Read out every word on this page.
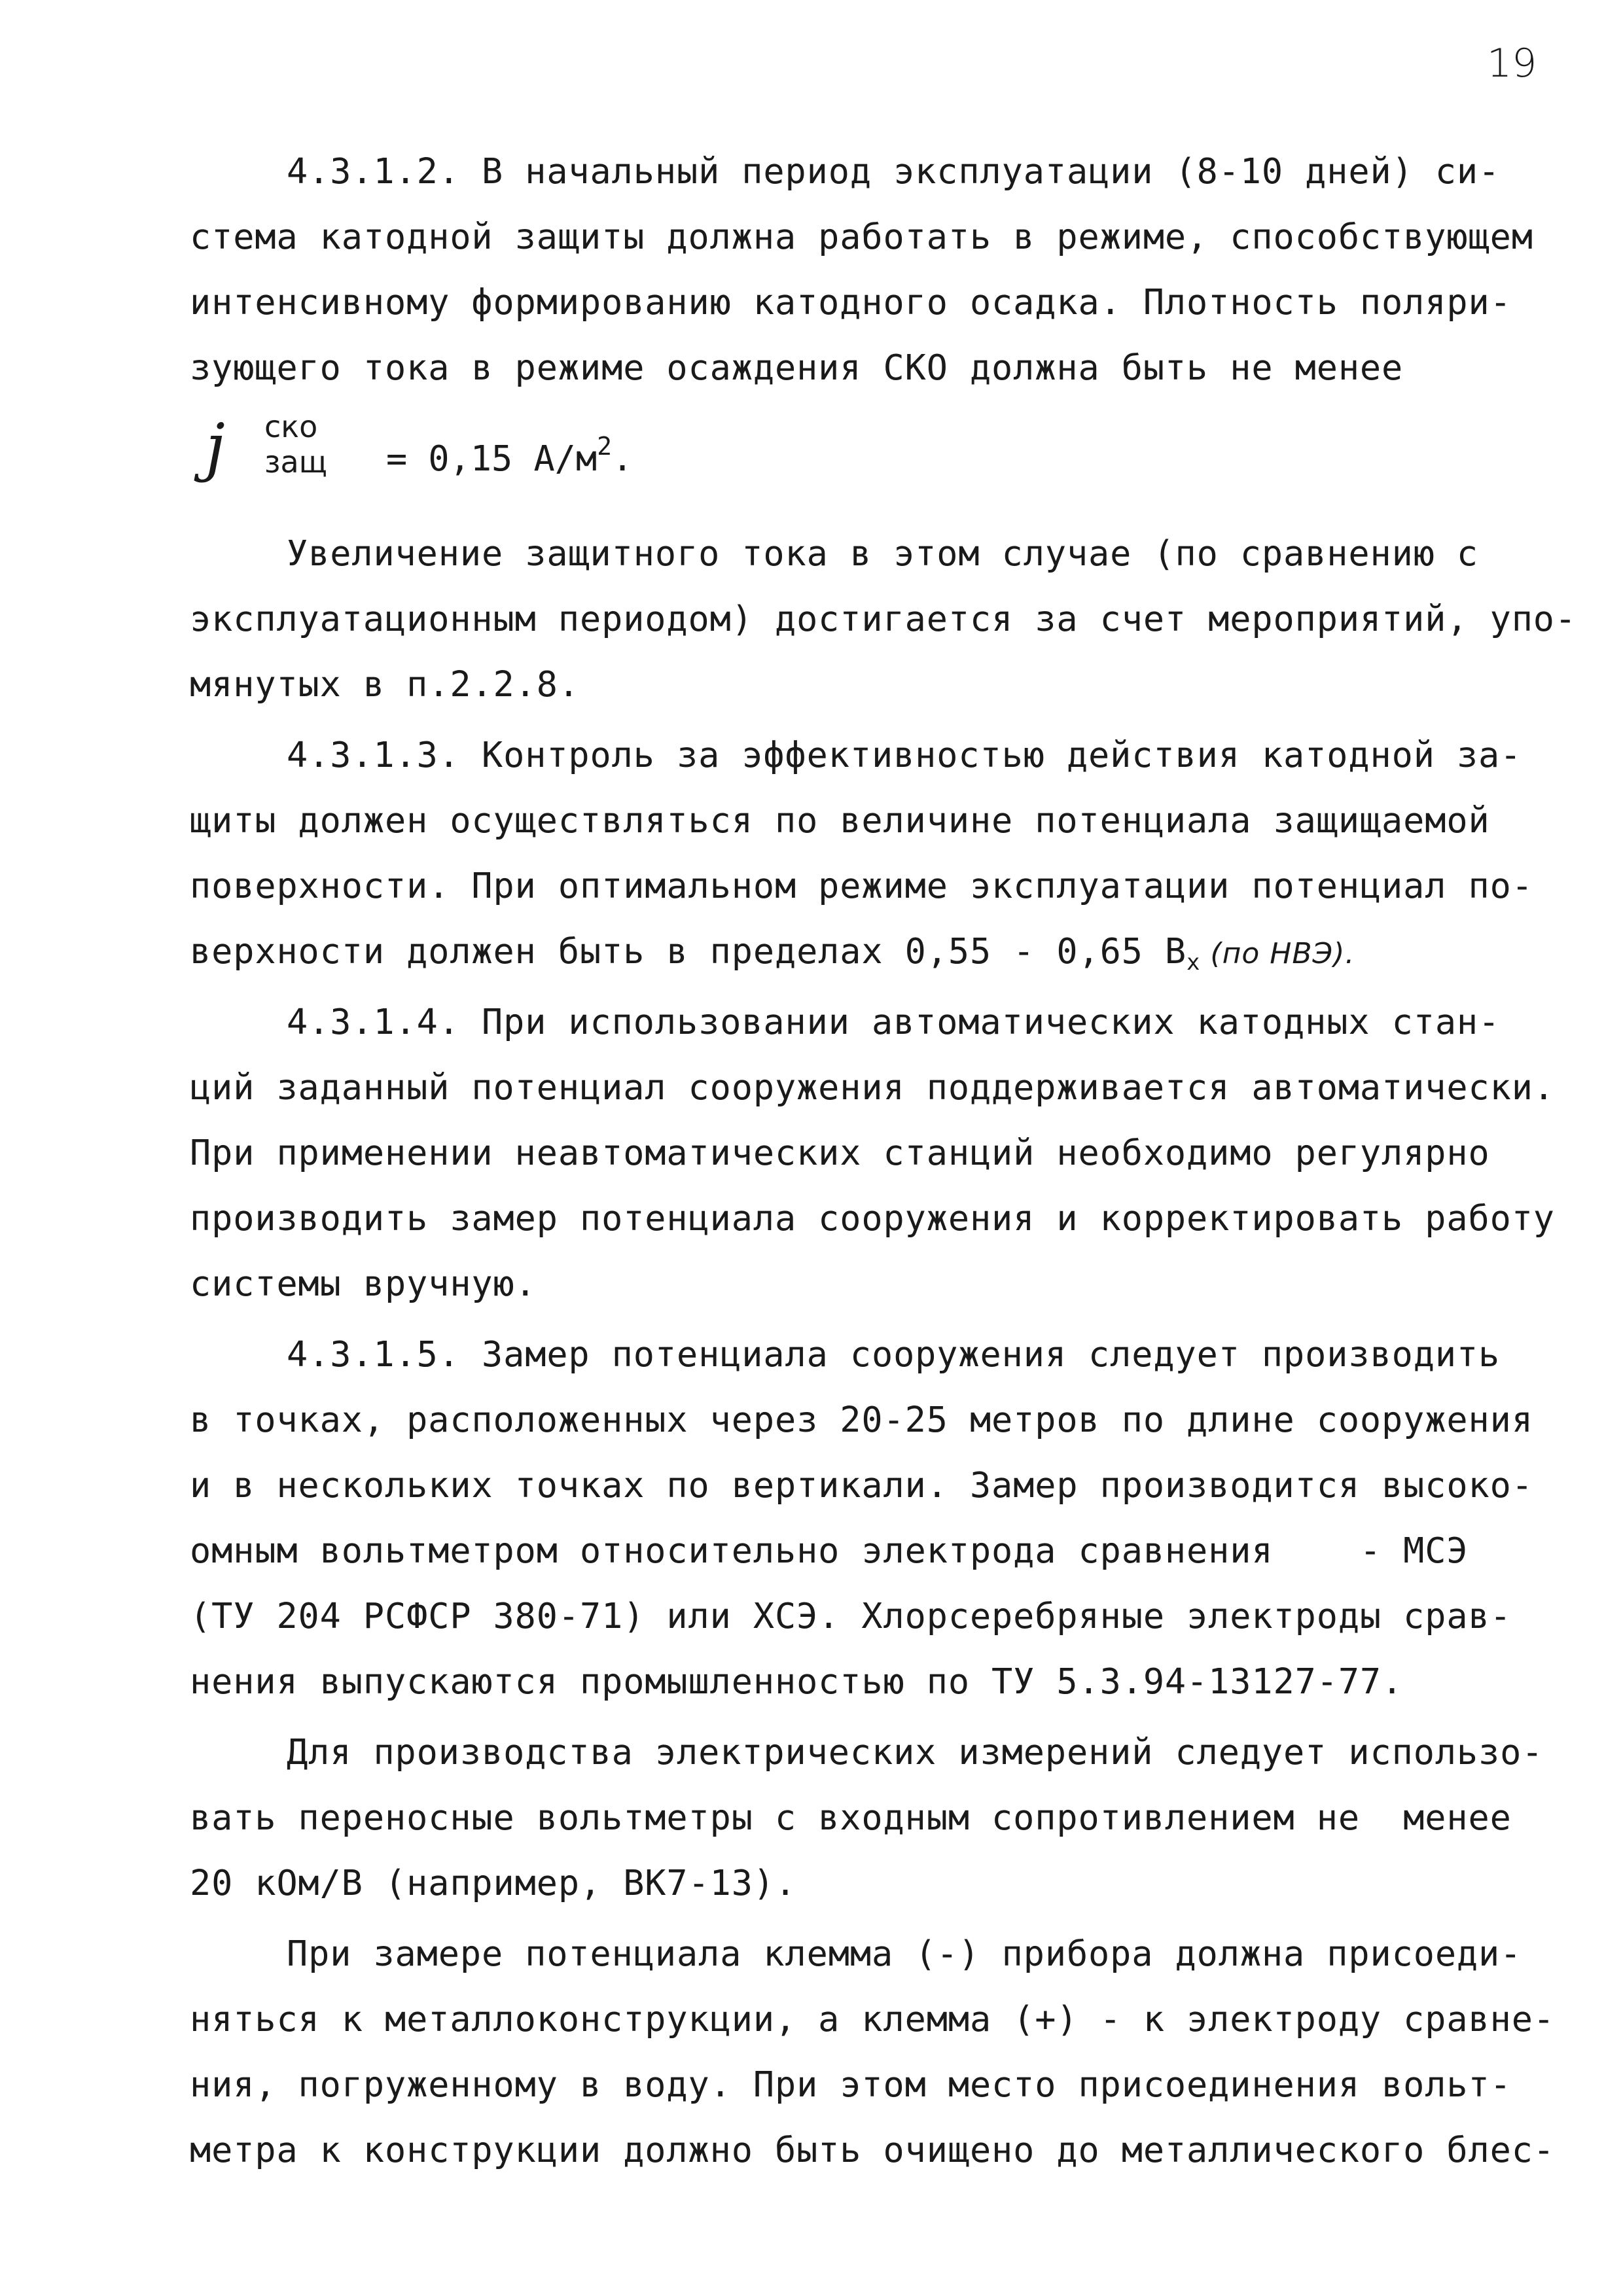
19
4.3.1.2. В начальный период эксплуатации (8-10 дней) си-
стема катодной защиты должна работать в режиме, способствующем
интенсивному формированию катодного осадка. Плотность поляри-
зующего тока в режиме осаждения СКО должна быть не менее
j ско
защ = 0,15 $А/м^2$.
Увеличение защитного тока в этом случае (по сравнению с
эксплуатационным периодом) достигается за счет мероприятий, упо-
мянутых в п.2.2.8.
4.3.1.3. Контроль за эффективностью действия катодной за-
щиты должен осуществляться по величине потенциала защищаемой
поверхности. При оптимальном режиме эксплуатации потенциал по-
верхности должен быть в пределах 0,55 - 0,65 Вх (по НВЭ).
4.3.1.4. При использовании автоматических катодных стан-
ций заданный потенциал сооружения поддерживается автоматически.
При применении неавтоматических станций необходимо регулярно
производить замер потенциала сооружения и корректировать работу
системы вручную.
4.3.1.5. Замер потенциала сооружения следует производить
в точках, расположенных через 20-25 метров по длине сооружения
и в нескольких точках по вертикали. Замер производится высоко-
омным вольтметром относительно электрода сравнения    - МСЭ
(ТУ 204 РСФСР 380-71) или ХСЭ. Хлорсеребряные электроды срав-
нения выпускаются промышленностью по ТУ 5.3.94-13127-77.
Для производства электрических измерений следует использо-
вать переносные вольтметры с входным сопротивлением не  менее
20 кОм/В (например, ВК7-13).
При замере потенциала клемма (-) прибора должна присоеди-
няться к металлоконструкции, а клемма (+) - к электроду сравне-
ния, погруженному в воду. При этом место присоединения вольт-
метра к конструкции должно быть очищено до металлического блес-
